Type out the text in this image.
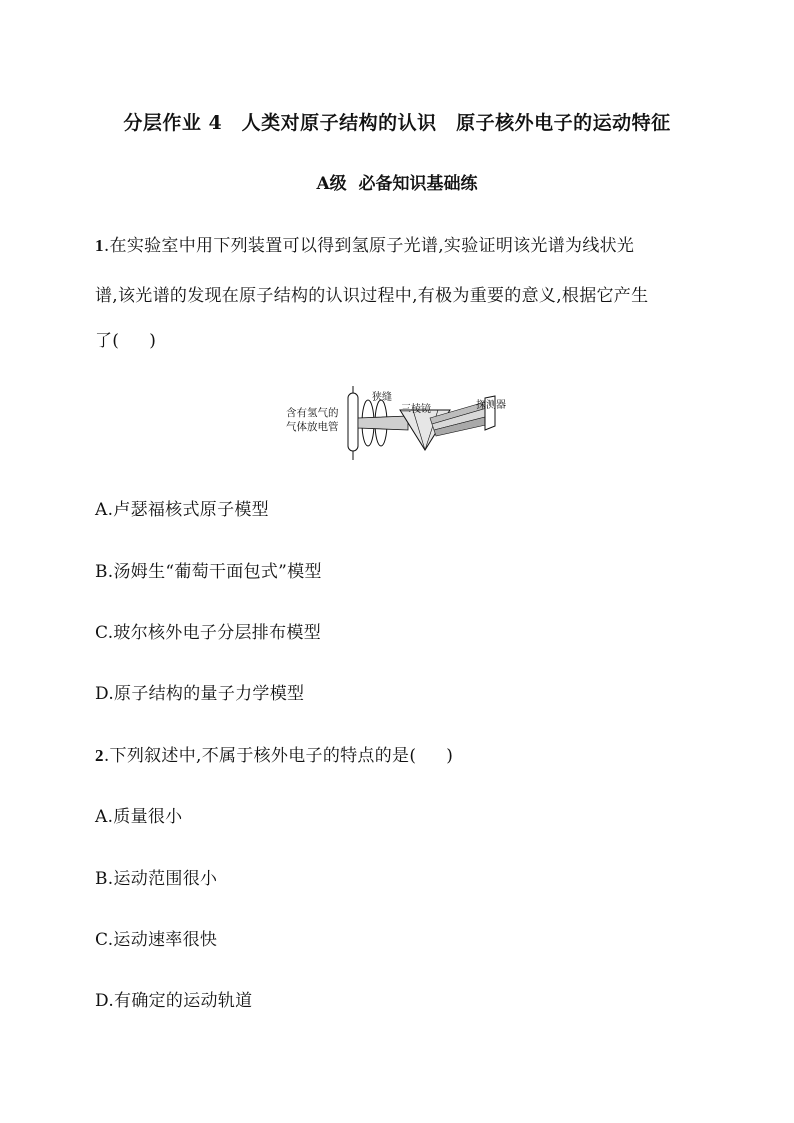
分层作业 4　人类对原子结构的认识　原子核外电子的运动特征
A级  必备知识基础练
1.在实验室中用下列装置可以得到氢原子光谱,实验证明该光谱为线状光
谱,该光谱的发现在原子结构的认识过程中,有极为重要的意义,根据它产生
了( )
含有氢气的
气体放电管
狭缝
三棱镜	探测器
A.卢瑟福核式原子模型
B.汤姆生“葡萄干面包式”模型
C.玻尔核外电子分层排布模型
D.原子结构的量子力学模型
2.下列叙述中,不属于核外电子的特点的是( )
A.质量很小
B.运动范围很小
C.运动速率很快
D.有确定的运动轨道
